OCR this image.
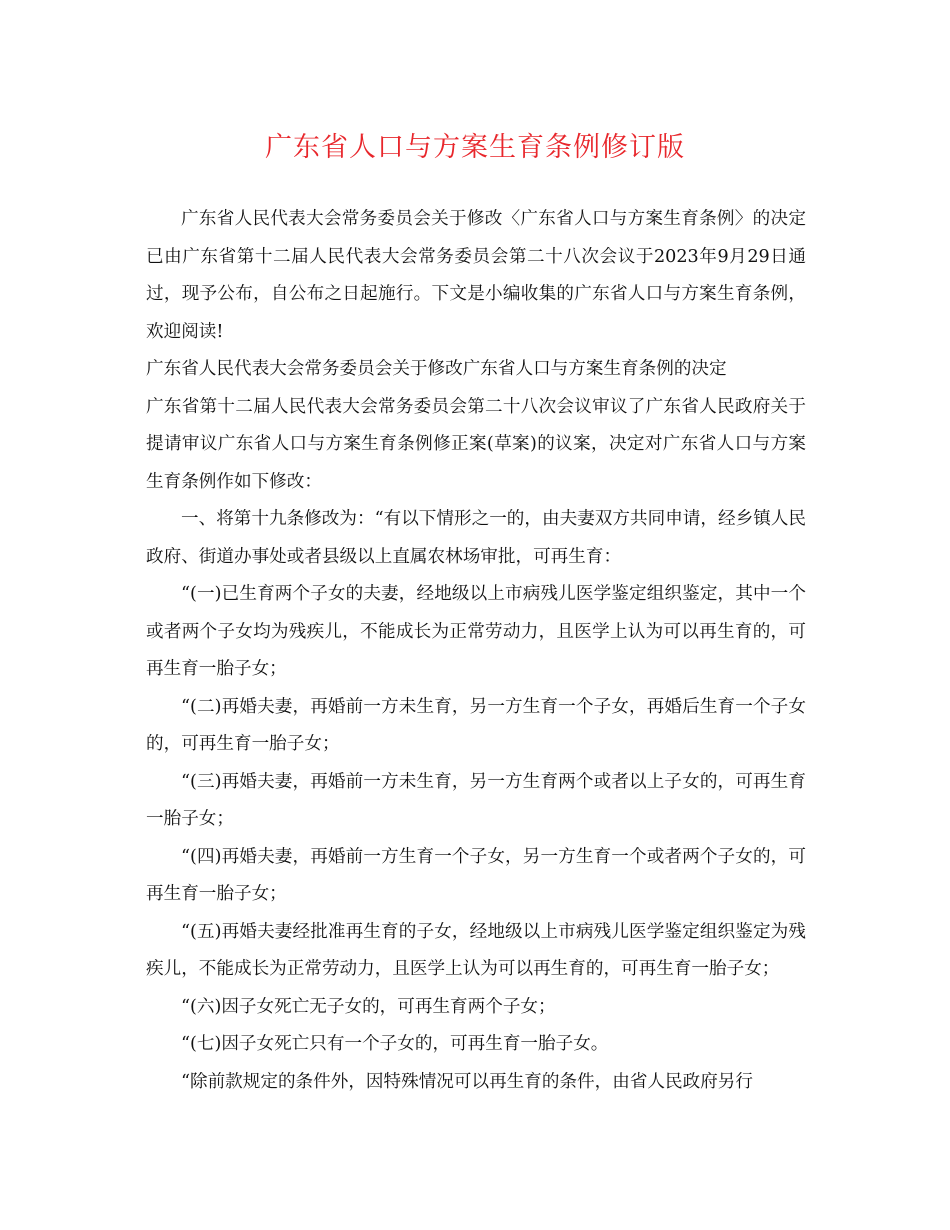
广东省人口与方案生育条例修订版

广东省人民代表大会常务委员会关于修改〈广东省人口与方案生育条例〉的决定已由广东省第十二届人民代表大会常务委员会第二十八次会议于2023年9月29日通过，现予公布，自公布之日起施行。下文是小编收集的广东省人口与方案生育条例，欢迎阅读!

广东省人民代表大会常务委员会关于修改广东省人口与方案生育条例的决定

广东省第十二届人民代表大会常务委员会第二十八次会议审议了广东省人民政府关于提请审议广东省人口与方案生育条例修正案(草案)的议案，决定对广东省人口与方案生育条例作如下修改：

一、将第十九条修改为：“有以下情形之一的，由夫妻双方共同申请，经乡镇人民政府、街道办事处或者县级以上直属农林场审批，可再生育：

“(一)已生育两个子女的夫妻，经地级以上市病残儿医学鉴定组织鉴定，其中一个或者两个子女均为残疾儿，不能成长为正常劳动力，且医学上认为可以再生育的，可再生育一胎子女；

“(二)再婚夫妻，再婚前一方未生育，另一方生育一个子女，再婚后生育一个子女的，可再生育一胎子女；

“(三)再婚夫妻，再婚前一方未生育，另一方生育两个或者以上子女的，可再生育一胎子女；

“(四)再婚夫妻，再婚前一方生育一个子女，另一方生育一个或者两个子女的，可再生育一胎子女；

“(五)再婚夫妻经批准再生育的子女，经地级以上市病残儿医学鉴定组织鉴定为残疾儿，不能成长为正常劳动力，且医学上认为可以再生育的，可再生育一胎子女；

“(六)因子女死亡无子女的，可再生育两个子女；

“(七)因子女死亡只有一个子女的，可再生育一胎子女。

“除前款规定的条件外，因特殊情况可以再生育的条件，由省人民政府另行
